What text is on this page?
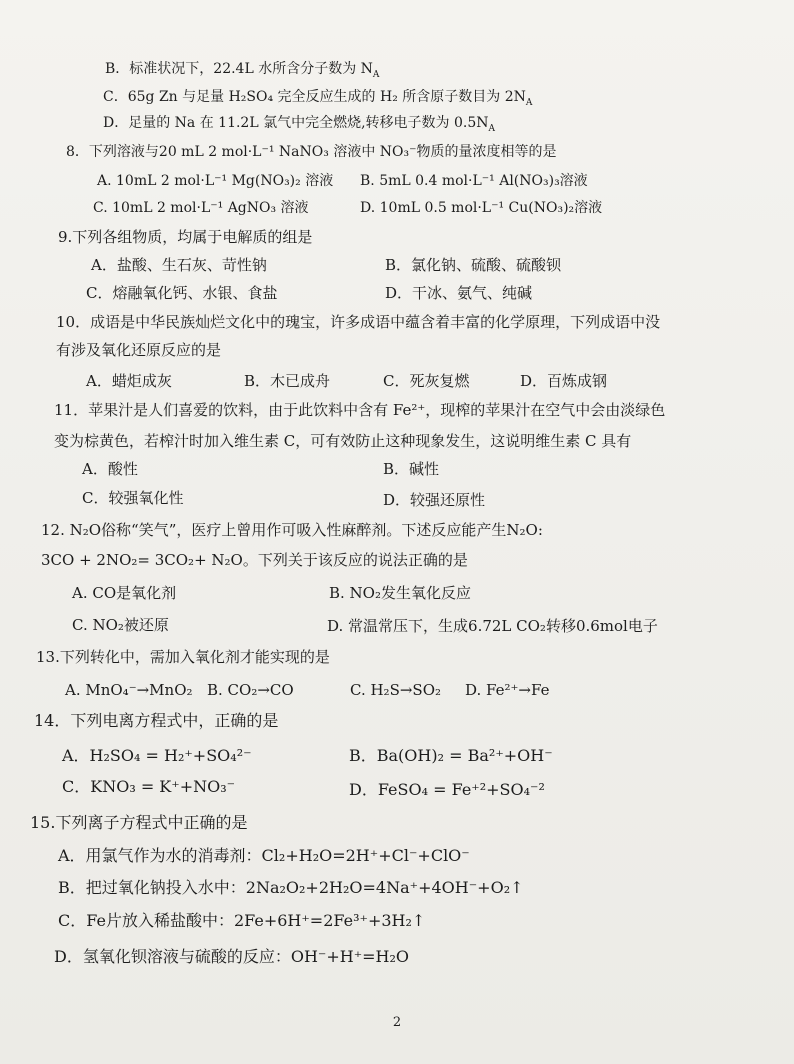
B．标准状况下，22.4L 水所含分子数为 $N_A$
C．65g Zn 与足量 H₂SO₄ 完全反应生成的 H₂ 所含原子数目为 $2N_A$
D．足量的 Na 在 11.2L 氯气中完全燃烧,转移电子数为 $0.5N_A$
8．下列溶液与20 mL 2 mol·L⁻¹ NaNO₃ 溶液中 NO₃⁻物质的量浓度相等的是
A. 10mL 2 mol·L⁻¹ Mg(NO₃)₂ 溶液 B. 5mL 0.4 mol·L⁻¹ Al(NO₃)₃溶液
C. 10mL 2 mol·L⁻¹ AgNO₃ 溶液	D. 10mL 0.5 mol·L⁻¹ Cu(NO₃)₂溶液
9.下列各组物质，均属于电解质的组是
A．盐酸、生石灰、苛性钠	B．氯化钠、硫酸、硫酸钡
C．熔融氧化钙、水银、食盐	D．干冰、氨气、纯碱
10．成语是中华民族灿烂文化中的瑰宝，许多成语中蕴含着丰富的化学原理，下列成语中没
有涉及氧化还原反应的是
A．蜡炬成灰	B．木已成舟	C．死灰复燃	D．百炼成钢
11．苹果汁是人们喜爱的饮料，由于此饮料中含有 Fe²⁺，现榨的苹果汁在空气中会由淡绿色
变为棕黄色，若榨汁时加入维生素 C，可有效防止这种现象发生，这说明维生素 C 具有
A．酸性	B．碱性
C．较强氧化性	D．较强还原性
12. N₂O俗称“笑气”，医疗上曾用作可吸入性麻醉剂。下述反应能产生N₂O:
3CO + 2NO₂= 3CO₂+ N₂O。下列关于该反应的说法正确的是
A. CO是氧化剂	B. NO₂发生氧化反应
C. NO₂被还原	D. 常温常压下，生成6.72L CO₂转移0.6mol电子
13.下列转化中，需加入氧化剂才能实现的是
A. MnO₄⁻→MnO₂ B. CO₂→CO	C. H₂S→SO₂ D. Fe²⁺→Fe
14．下列电离方程式中，正确的是
A．H₂SO₄ = H₂⁺+SO₄²⁻	B．Ba(OH)₂ = Ba²⁺+OH⁻
C．KNO₃ = K⁺+NO₃⁻	D．FeSO₄ = Fe⁺²+SO₄⁻²
15.下列离子方程式中正确的是
A．用氯气作为水的消毒剂：Cl₂+H₂O=2H⁺+Cl⁻+ClO⁻
B．把过氧化钠投入水中：2Na₂O₂+2H₂O=4Na⁺+4OH⁻+O₂↑
C．Fe片放入稀盐酸中：2Fe+6H⁺=2Fe³⁺+3H₂↑
D．氢氧化钡溶液与硫酸的反应：OH⁻+H⁺=H₂O
2
